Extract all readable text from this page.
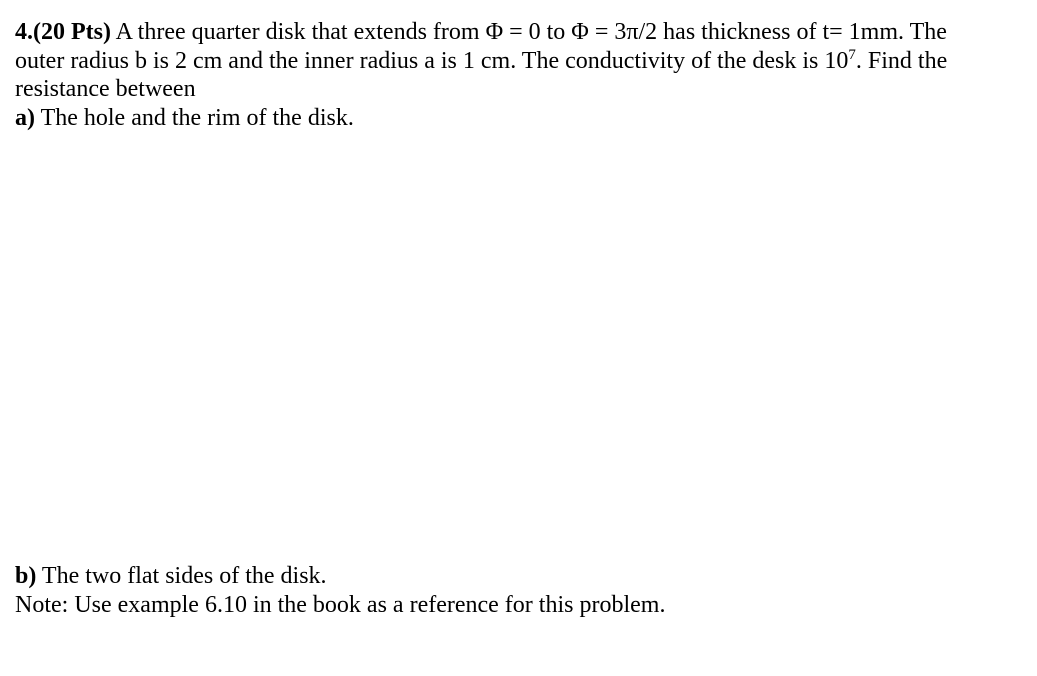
4.(20 Pts) A three quarter disk that extends from Φ = 0 to Φ = 3π/2 has thickness of t= 1mm. The
outer radius b is 2 cm and the inner radius a is 1 cm. The conductivity of the desk is $10^7$. Find the
resistance between
a) The hole and the rim of the disk.
b) The two flat sides of the disk.
Note: Use example 6.10 in the book as a reference for this problem.
